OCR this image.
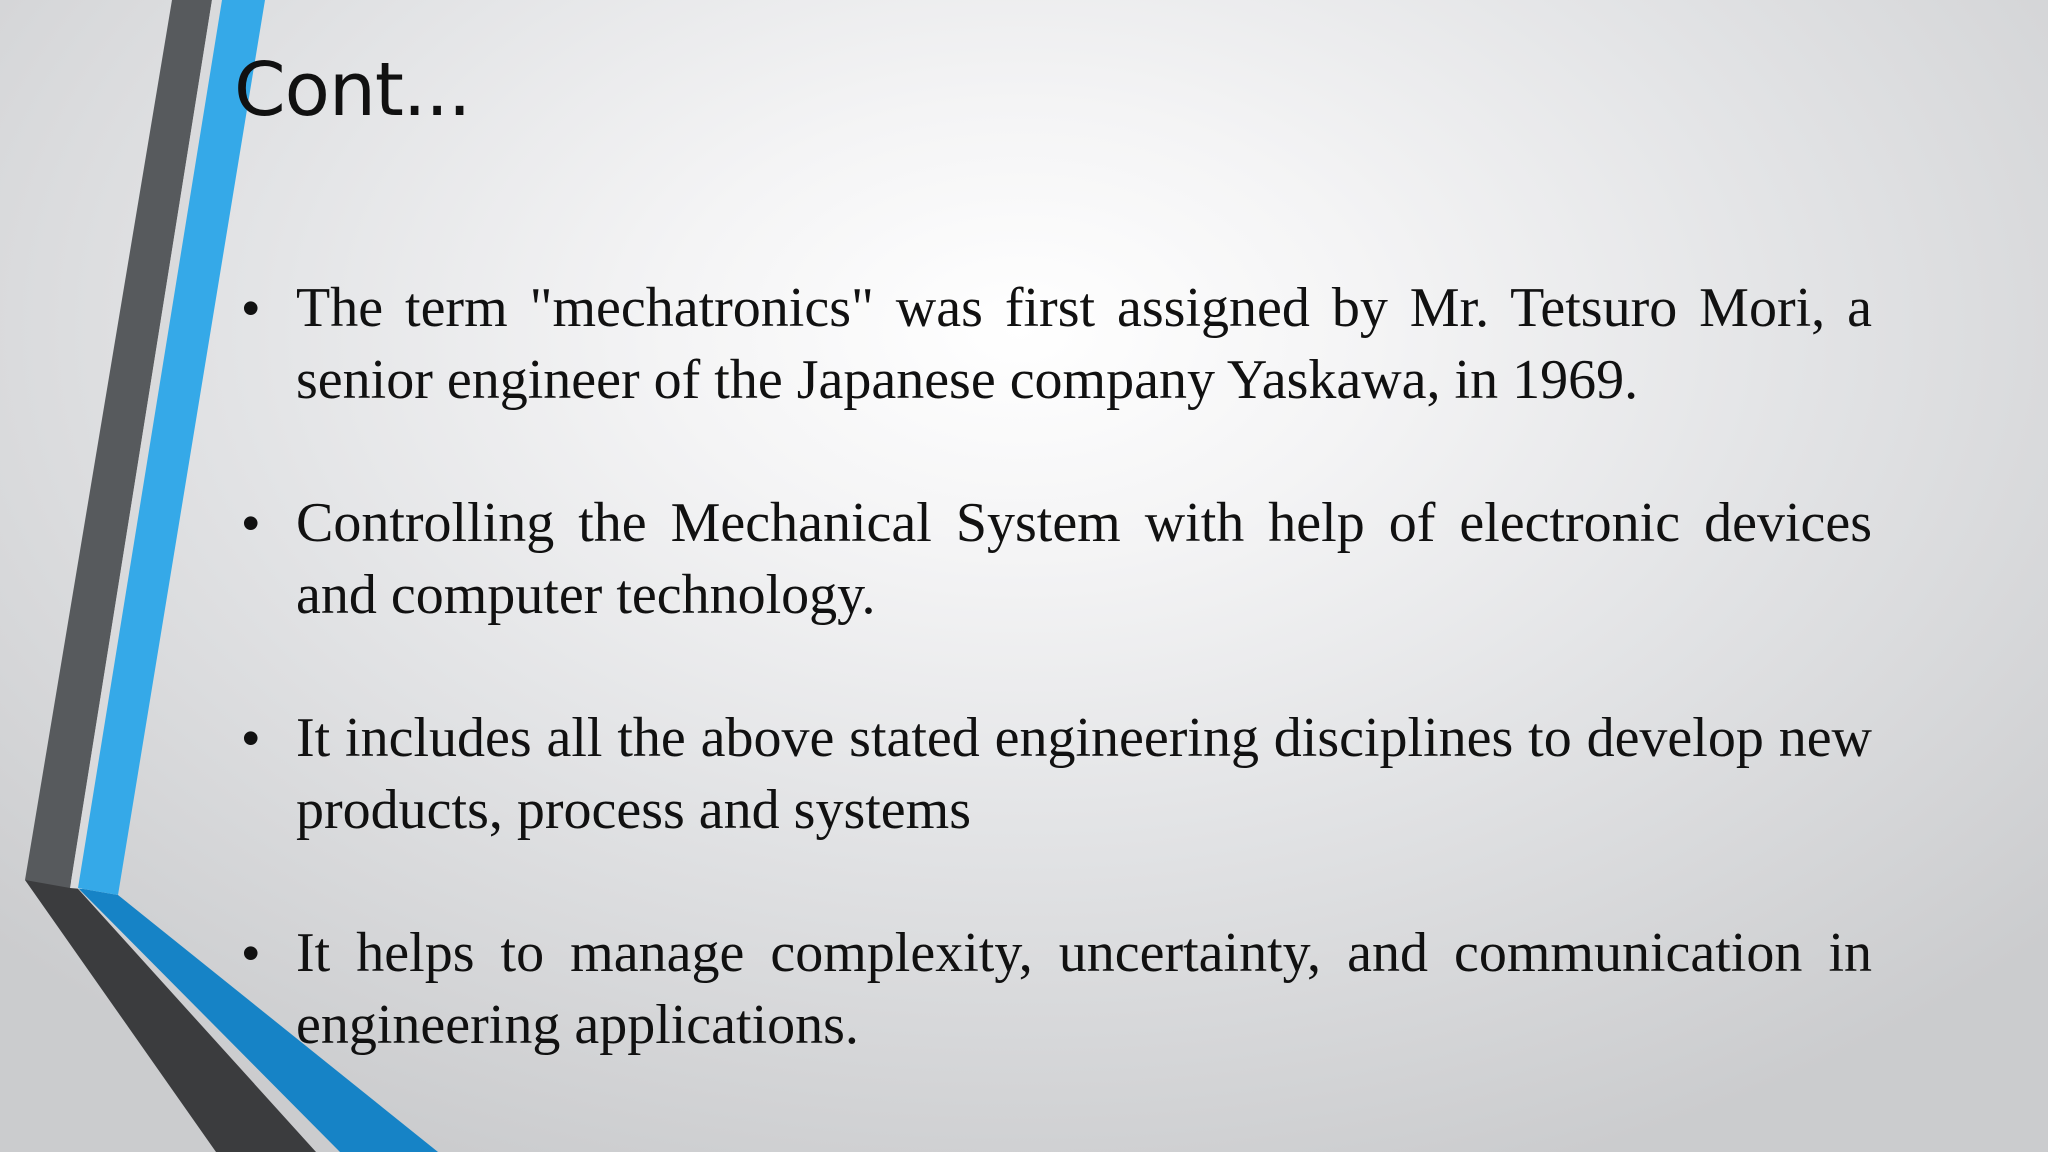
Cont...
• The term "mechatronics" was first assigned by Mr. Tetsuro Mori, a senior engineer of the Japanese company Yaskawa, in 1969.
• Controlling the Mechanical System with help of electronic devices and computer technology.
• It includes all the above stated engineering disciplines to develop new products, process and systems
• It helps to manage complexity, uncertainty, and communication in engineering applications.
